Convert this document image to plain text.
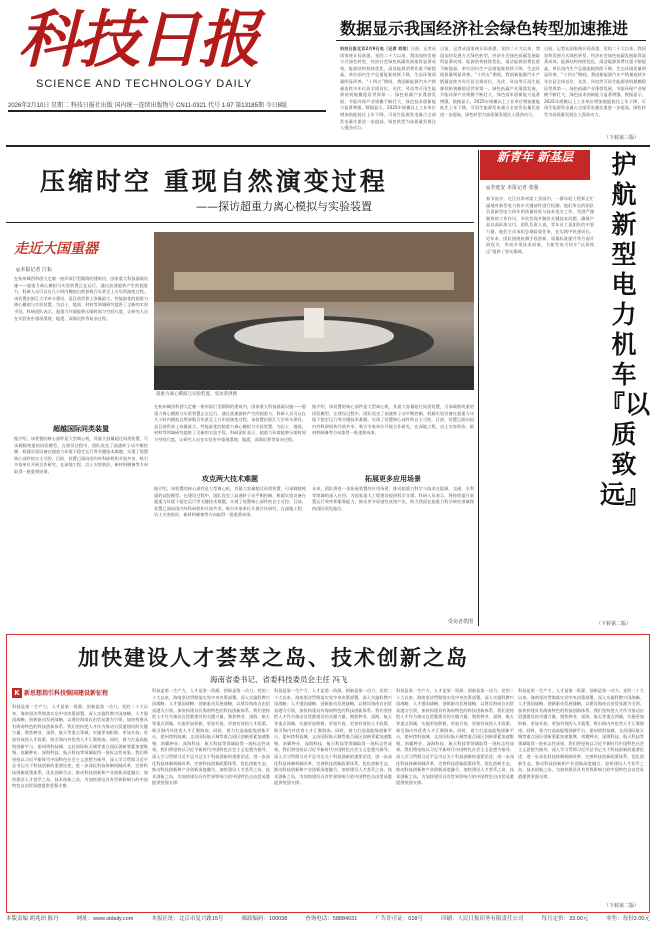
科技日报
SCIENCE AND TECHNOLOGY DAILY
2026年2月10日 星期二 科技日报社出版 国内统一连续出版物号 CN11-0321 代号 1-97 第13185期 今日8版
数据显示我国经济社会绿色转型加速推进
科技日报北京2月9日电（记者 刘垠）日前，记者从国家统计局获悉，党的二十大以来，我国加快发展方式绿色转型，经济社会绿色低碳发展取得显著成效。能源结构持续优化，清洁能源消费比重不断提高，单位国内生产总值能耗持续下降，生态环境质量明显改善。“十四五”期间，我国新能源汽车产销量连续多年位居全球首位，光伏、风电等可再生能源装机规模稳居世界第一。绿色低碳产业蓬勃发展，节能环保产业规模不断壮大，绿色技术创新能力显著增强。数据显示，2025年规模以上工业单位增加值能耗比上年下降，可再生能源发电量占全部发电量比重进一步提高，绿色转型为高质量发展注入强劲动力。
日前，记者从国家统计局获悉，党的二十大以来，我国加快发展方式绿色转型，经济社会绿色低碳发展取得显著成效。能源结构持续优化，清洁能源消费比重不断提高，单位国内生产总值能耗持续下降，生态环境质量明显改善。“十四五”期间，我国新能源汽车产销量连续多年位居全球首位，光伏、风电等可再生能源装机规模稳居世界第一。绿色低碳产业蓬勃发展，节能环保产业规模不断壮大，绿色技术创新能力显著增强。数据显示，2025年规模以上工业单位增加值能耗比上年下降，可再生能源发电量占全部发电量比重进一步提高，绿色转型为高质量发展注入强劲动力。
日前，记者从国家统计局获悉，党的二十大以来，我国加快发展方式绿色转型，经济社会绿色低碳发展取得显著成效。能源结构持续优化，清洁能源消费比重不断提高，单位国内生产总值能耗持续下降，生态环境质量明显改善。“十四五”期间，我国新能源汽车产销量连续多年位居全球首位，光伏、风电等可再生能源装机规模稳居世界第一。绿色低碳产业蓬勃发展，节能环保产业规模不断壮大，绿色技术创新能力显著增强。数据显示，2025年规模以上工业单位增加值能耗比上年下降，可再生能源发电量占全部发电量比重进一步提高，绿色转型为高质量发展注入强劲动力。
（下转第三版）
压缩时空 重现自然演变过程
——探访超重力离心模拟与实验装置
走近大国重器
◎本报记者 江耘
在杭州城西科创大走廊一座形似巨型圆筒的建筑内，国家重大科技基础设施——超重力离心模拟与实验装置正在运行。通过高速旋转产生的超重力，科研人员可以在几小时内模拟自然界数百年甚至上万年的演变过程。该装置由浙江大学牵头建设，是目前世界上容量最大、性能最优的超重力离心模拟与实验装置，为岩土、地质、材料等领域研究提供了全新的实验手段。科研团队表示，超重力环境能够压缩时间与空间尺度，让研究人员在实验室中重现滑坡、地震、深海沉积等复杂过程。
超越国际同类装置
据介绍，该装置的核心部件是大型离心机，其最大容量超过同类装置，可承载数吨重的试验模型。在建设过程中，团队攻克了高速转子动平衡控制、机载实验设备在超重力环境下稳定运行等关键技术难题，实现了装置核心部件的自主可控。目前，装置已面向国内外科研机构开放共享，吸引多家单位开展合作研究，在深地工程、岩土灾害防治、新材料制备等方向取得一批重要成果。
超重力离心模拟与实验装置。受访者供图
在杭州城西科创大走廊一座形似巨型圆筒的建筑内，国家重大科技基础设施——超重力离心模拟与实验装置正在运行。通过高速旋转产生的超重力，科研人员可以在几小时内模拟自然界数百年甚至上万年的演变过程。该装置由浙江大学牵头建设，是目前世界上容量最大、性能最优的超重力离心模拟与实验装置，为岩土、地质、材料等领域研究提供了全新的实验手段。科研团队表示，超重力环境能够压缩时间与空间尺度，让研究人员在实验室中重现滑坡、地震、深海沉积等复杂过程。
攻克两大技术难题
据介绍，该装置的核心部件是大型离心机，其最大容量超过同类装置，可承载数吨重的试验模型。在建设过程中，团队攻克了高速转子动平衡控制、机载实验设备在超重力环境下稳定运行等关键技术难题，实现了装置核心部件的自主可控。目前，装置已面向国内外科研机构开放共享，吸引多家单位开展合作研究，在深地工程、岩土灾害防治、新材料制备等方向取得一批重要成果。
据介绍，该装置的核心部件是大型离心机，其最大容量超过同类装置，可承载数吨重的试验模型。在建设过程中，团队攻克了高速转子动平衡控制、机载实验设备在超重力环境下稳定运行等关键技术难题，实现了装置核心部件的自主可控。目前，装置已面向国内外科研机构开放共享，吸引多家单位开展合作研究，在深地工程、岩土灾害防治、新材料制备等方向取得一批重要成果。
拓展更多应用场景
未来，团队将进一步拓展装置的应用场景，推动超重力科学与技术在能源、交通、水利等领域的深入应用，为国家重大工程建设提供科学支撑。科研人员表示，将持续提升装置运行效率和服务能力，推动更多原创性成果产出，助力我国在超重力科学研究领域保持国际领先地位。
受访者供图
新青年 新基层
◎李连安 本报记者 张强
春节前夕，在江苏常州某工业园内，一群年轻工程师正忙碌地对新型电力机车关键部件进行检测。他们所在的团队负责新型电力机车的质量检验与技术攻关工作，凭借严谨细致的工作作风，多次发现并解决关键技术问题，确保产品以高标准交付。团队负责人说，青年员工是团队的中坚力量，他们主动承担急难险重任务，在实践中快速成长。近年来，团队围绕检测手段创新、质量标准提升等方面开展攻关，形成多项技术成果，为新型电力机车“以质致远”提供了坚实保障。
护航新型电力机车『以质致远』
（下转第二版）
加快建设人才荟萃之岛、技术创新之岛
海南省委书记、省委科技委员会主任 冯飞
K 新思想指引科技强国建设新征程
科技是第一生产力，人才是第一资源，创新是第一动力。党的二十大以来，海南坚决贯彻落实党中央决策部署，深入实施科教兴国战略、人才强国战略、创新驱动发展战略，以建设海南自由贸易港为引领，加快构建具有海南特色的科技创新体系。我们坚持把人才作为推动自贸港建设的关键力量，聚焦种业、深海、航天等重点领域，实施更加积极、更加开放、更加有效的人才政策，吸引海内外优秀人才汇聚海南。同时，着力打造高能级创新平台，崖州湾科技城、文昌国际航天城等重点园区创新要素加速集聚，南繁种业、深海科技、航天科技等领域取得一批标志性成果。我们将坚持以习近平新时代中国特色社会主义思想为指导，深入学习贯彻习近平总书记关于科技创新的重要论述，进一步深化科技体制机制改革，完善科技创新政策体系，优化创新生态，推动科技创新和产业创新深度融合，加快建设人才荟萃之岛、技术创新之岛，为加快建设具有世界影响力的中国特色自由贸易港提供坚强支撑。
科技是第一生产力，人才是第一资源，创新是第一动力。党的二十大以来，海南坚决贯彻落实党中央决策部署，深入实施科教兴国战略、人才强国战略、创新驱动发展战略，以建设海南自由贸易港为引领，加快构建具有海南特色的科技创新体系。我们坚持把人才作为推动自贸港建设的关键力量，聚焦种业、深海、航天等重点领域，实施更加积极、更加开放、更加有效的人才政策，吸引海内外优秀人才汇聚海南。同时，着力打造高能级创新平台，崖州湾科技城、文昌国际航天城等重点园区创新要素加速集聚，南繁种业、深海科技、航天科技等领域取得一批标志性成果。我们将坚持以习近平新时代中国特色社会主义思想为指导，深入学习贯彻习近平总书记关于科技创新的重要论述，进一步深化科技体制机制改革，完善科技创新政策体系，优化创新生态，推动科技创新和产业创新深度融合，加快建设人才荟萃之岛、技术创新之岛，为加快建设具有世界影响力的中国特色自由贸易港提供坚强支撑。
科技是第一生产力，人才是第一资源，创新是第一动力。党的二十大以来，海南坚决贯彻落实党中央决策部署，深入实施科教兴国战略、人才强国战略、创新驱动发展战略，以建设海南自由贸易港为引领，加快构建具有海南特色的科技创新体系。我们坚持把人才作为推动自贸港建设的关键力量，聚焦种业、深海、航天等重点领域，实施更加积极、更加开放、更加有效的人才政策，吸引海内外优秀人才汇聚海南。同时，着力打造高能级创新平台，崖州湾科技城、文昌国际航天城等重点园区创新要素加速集聚，南繁种业、深海科技、航天科技等领域取得一批标志性成果。我们将坚持以习近平新时代中国特色社会主义思想为指导，深入学习贯彻习近平总书记关于科技创新的重要论述，进一步深化科技体制机制改革，完善科技创新政策体系，优化创新生态，推动科技创新和产业创新深度融合，加快建设人才荟萃之岛、技术创新之岛，为加快建设具有世界影响力的中国特色自由贸易港提供坚强支撑。
科技是第一生产力，人才是第一资源，创新是第一动力。党的二十大以来，海南坚决贯彻落实党中央决策部署，深入实施科教兴国战略、人才强国战略、创新驱动发展战略，以建设海南自由贸易港为引领，加快构建具有海南特色的科技创新体系。我们坚持把人才作为推动自贸港建设的关键力量，聚焦种业、深海、航天等重点领域，实施更加积极、更加开放、更加有效的人才政策，吸引海内外优秀人才汇聚海南。同时，着力打造高能级创新平台，崖州湾科技城、文昌国际航天城等重点园区创新要素加速集聚，南繁种业、深海科技、航天科技等领域取得一批标志性成果。我们将坚持以习近平新时代中国特色社会主义思想为指导，深入学习贯彻习近平总书记关于科技创新的重要论述，进一步深化科技体制机制改革，完善科技创新政策体系，优化创新生态，推动科技创新和产业创新深度融合，加快建设人才荟萃之岛、技术创新之岛，为加快建设具有世界影响力的中国特色自由贸易港提供坚强支撑。
科技是第一生产力，人才是第一资源，创新是第一动力。党的二十大以来，海南坚决贯彻落实党中央决策部署，深入实施科教兴国战略、人才强国战略、创新驱动发展战略，以建设海南自由贸易港为引领，加快构建具有海南特色的科技创新体系。我们坚持把人才作为推动自贸港建设的关键力量，聚焦种业、深海、航天等重点领域，实施更加积极、更加开放、更加有效的人才政策，吸引海内外优秀人才汇聚海南。同时，着力打造高能级创新平台，崖州湾科技城、文昌国际航天城等重点园区创新要素加速集聚，南繁种业、深海科技、航天科技等领域取得一批标志性成果。我们将坚持以习近平新时代中国特色社会主义思想为指导，深入学习贯彻习近平总书记关于科技创新的重要论述，进一步深化科技体制机制改革，完善科技创新政策体系，优化创新生态，推动科技创新和产业创新深度融合，加快建设人才荟萃之岛、技术创新之岛，为加快建设具有世界影响力的中国特色自由贸易港提供坚强支撑。
（下转第二版）
本版责编 胡兆珀 陈丹	网址：www.stdaily.com	本报社址：北京市复兴路15号	邮政编码：100038	查询电话：58884031	广告许可证：018号	印刷：人民日报印务有限责任公司	每月定价：33.00元	零售：每份2.00元
